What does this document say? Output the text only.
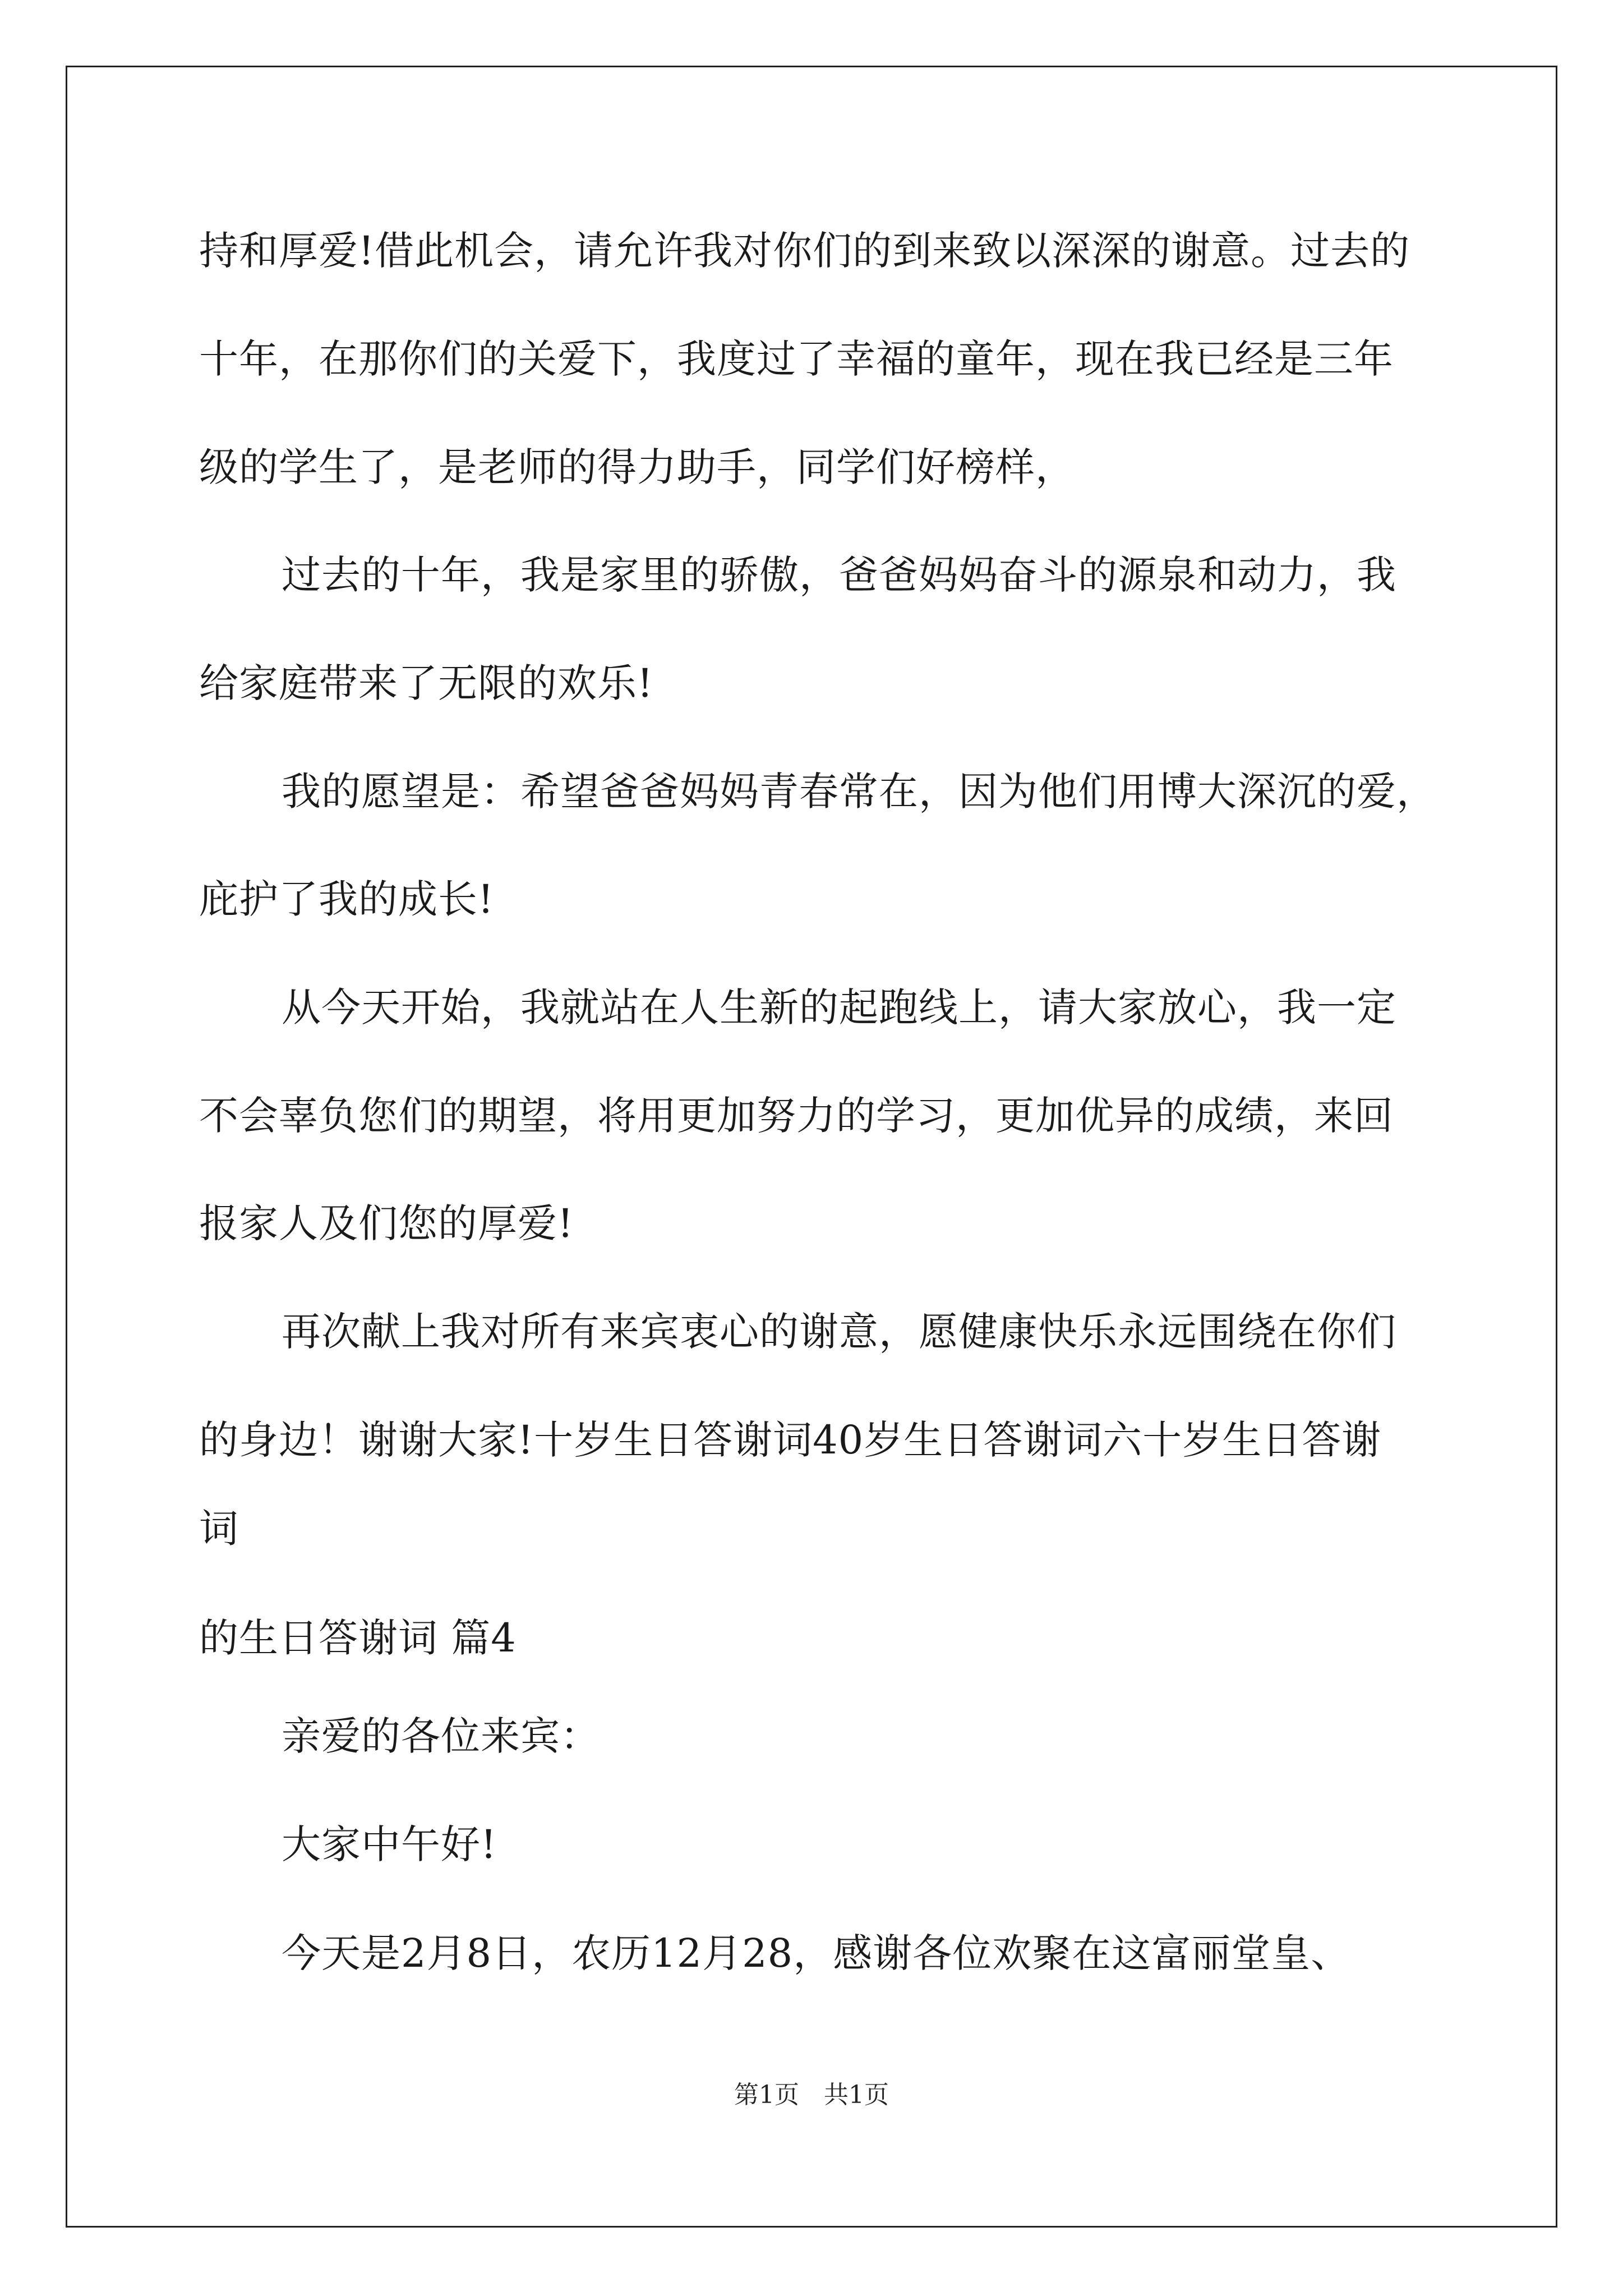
持和厚爱!借此机会，请允许我对你们的到来致以深深的谢意。过去的
十年，在那你们的关爱下，我度过了幸福的童年，现在我已经是三年
级的学生了，是老师的得力助手，同学们好榜样，
过去的十年，我是家里的骄傲，爸爸妈妈奋斗的源泉和动力，我
给家庭带来了无限的欢乐!
我的愿望是：希望爸爸妈妈青春常在，因为他们用博大深沉的爱，
庇护了我的成长!
从今天开始，我就站在人生新的起跑线上，请大家放心，我一定
不会辜负您们的期望，将用更加努力的学习，更加优异的成绩，来回
报家人及们您的厚爱!
再次献上我对所有来宾衷心的谢意，愿健康快乐永远围绕在你们
的身边！谢谢大家!十岁生日答谢词40岁生日答谢词六十岁生日答谢
词
的生日答谢词 篇4
亲爱的各位来宾：
大家中午好!
今天是2月8日，农历12月28，感谢各位欢聚在这富丽堂皇、
第1页　共1页
